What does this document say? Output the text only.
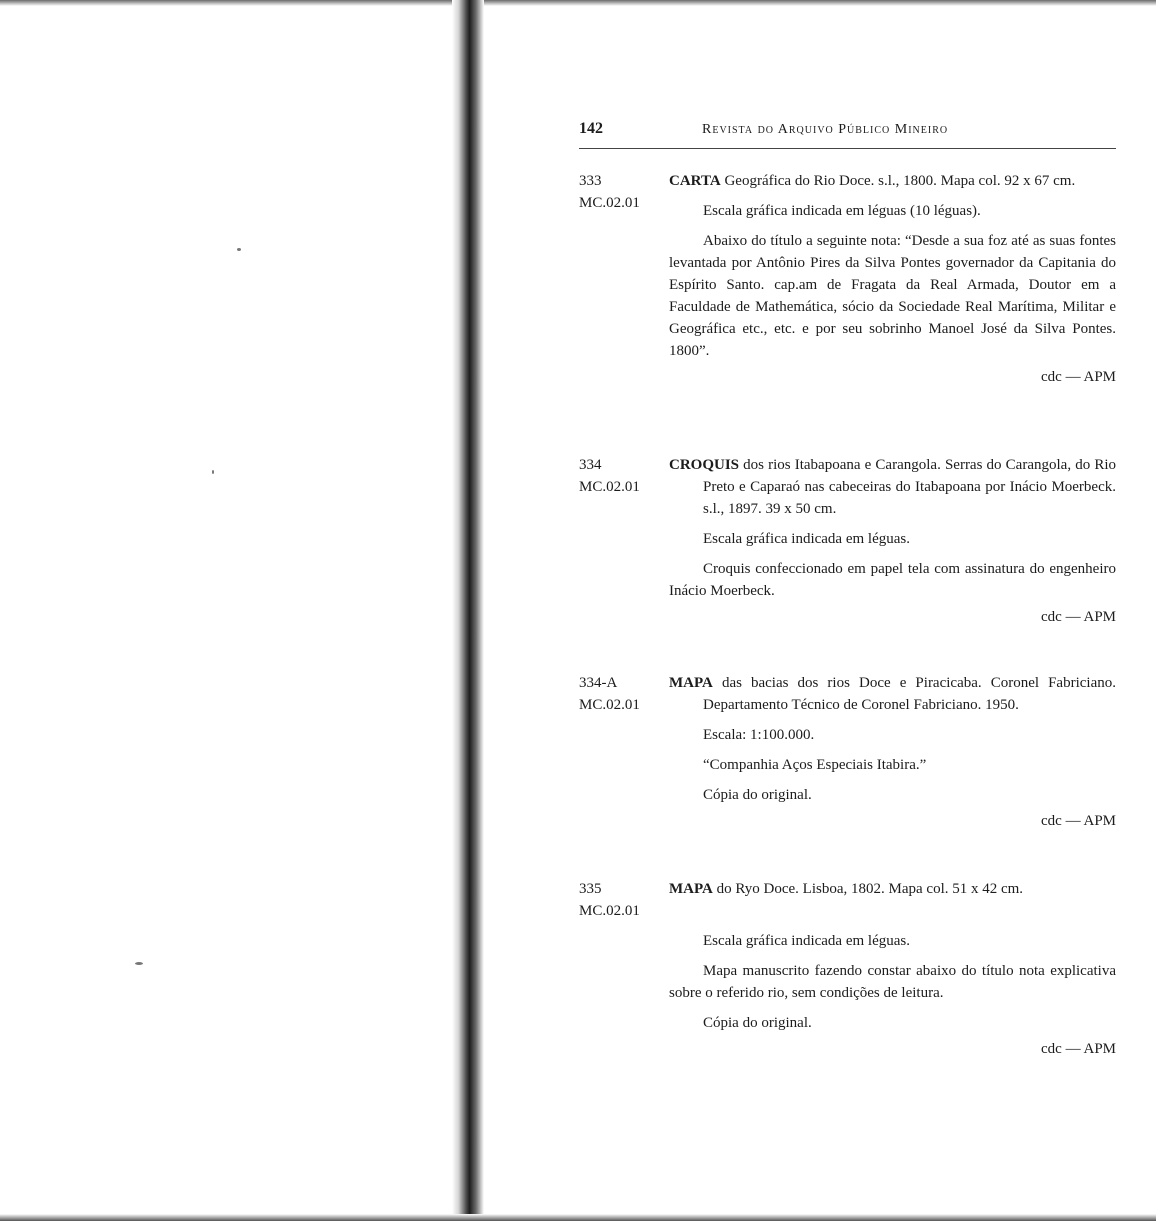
142	Revista do Arquivo Público Mineiro
333
MC.02.01

CARTA Geográfica do Rio Doce. s.l., 1800. Mapa col. 92 x 67 cm.

Escala gráfica indicada em léguas (10 léguas).

Abaixo do título a seguinte nota: “Desde a sua foz até as suas fontes levantada por Antônio Pires da Silva Pontes governador da Capitania do Espírito Santo. cap.am de Fragata da Real Armada, Doutor em a Faculdade de Mathemática, sócio da Sociedade Real Marítima, Militar e Geográfica etc., etc. e por seu sobrinho Manoel José da Silva Pontes. 1800”.

cdc — APM
334
MC.02.01

CROQUIS dos rios Itabapoana e Carangola. Serras do Carangola, do Rio Preto e Caparaó nas cabeceiras do Itabapoana por Inácio Moerbeck. s.l., 1897. 39 x 50 cm.

Escala gráfica indicada em léguas.

Croquis confeccionado em papel tela com assinatura do engenheiro Inácio Moerbeck.

cdc — APM
334-A
MC.02.01

MAPA das bacias dos rios Doce e Piracicaba. Coronel Fabriciano. Departamento Técnico de Coronel Fabriciano. 1950.

Escala: 1:100.000.

“Companhia Aços Especiais Itabira.”

Cópia do original.

cdc — APM
335
MC.02.01

MAPA do Ryo Doce. Lisboa, 1802. Mapa col. 51 x 42 cm.

Escala gráfica indicada em léguas.

Mapa manuscrito fazendo constar abaixo do título nota explicativa sobre o referido rio, sem condições de leitura.

Cópia do original.

cdc — APM
